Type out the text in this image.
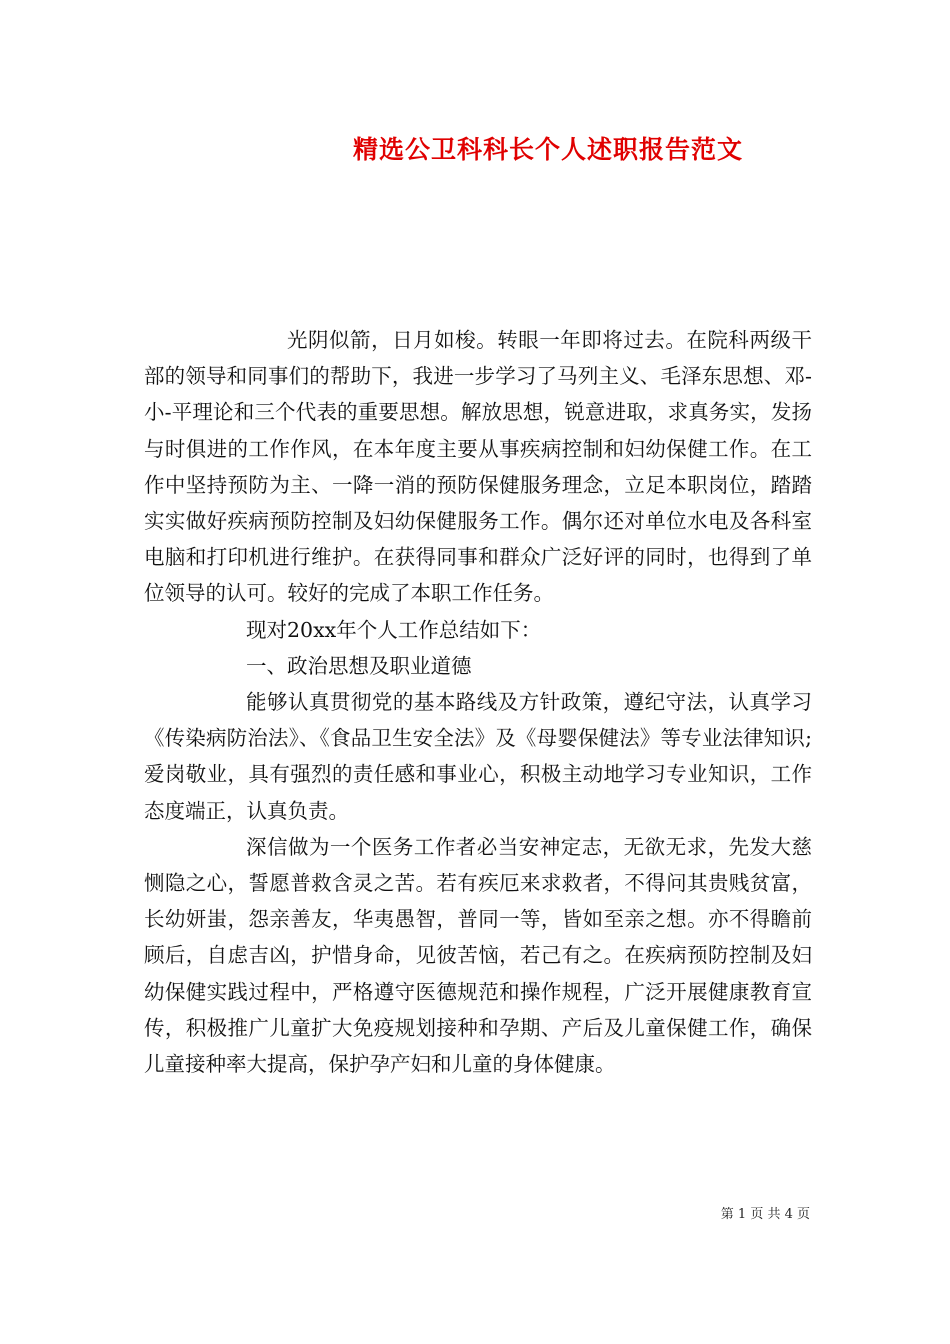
精选公卫科科长个人述职报告范文

光阴似箭，日月如梭。转眼一年即将过去。在院科两级干部的领导和同事们的帮助下，我进一步学习了马列主义、毛泽东思想、邓-小-平理论和三个代表的重要思想。解放思想，锐意进取，求真务实，发扬与时俱进的工作作风，在本年度主要从事疾病控制和妇幼保健工作。在工作中坚持预防为主、一降一消的预防保健服务理念，立足本职岗位，踏踏实实做好疾病预防控制及妇幼保健服务工作。偶尔还对单位水电及各科室电脑和打印机进行维护。在获得同事和群众广泛好评的同时，也得到了单位领导的认可。较好的完成了本职工作任务。

现对20xx年个人工作总结如下：

一、政治思想及职业道德

能够认真贯彻党的基本路线及方针政策，遵纪守法，认真学习《传染病防治法》、《食品卫生安全法》及《母婴保健法》等专业法律知识;爱岗敬业，具有强烈的责任感和事业心，积极主动地学习专业知识，工作态度端正，认真负责。

深信做为一个医务工作者必当安神定志，无欲无求，先发大慈恻隐之心，誓愿普救含灵之苦。若有疾厄来求救者，不得问其贵贱贫富，长幼妍蚩，怨亲善友，华夷愚智，普同一等，皆如至亲之想。亦不得瞻前顾后，自虑吉凶，护惜身命，见彼苦恼，若己有之。在疾病预防控制及妇幼保健实践过程中，严格遵守医德规范和操作规程，广泛开展健康教育宣传，积极推广儿童扩大免疫规划接种和孕期、产后及儿童保健工作，确保儿童接种率大提高，保护孕产妇和儿童的身体健康。

第 1 页 共 4 页
